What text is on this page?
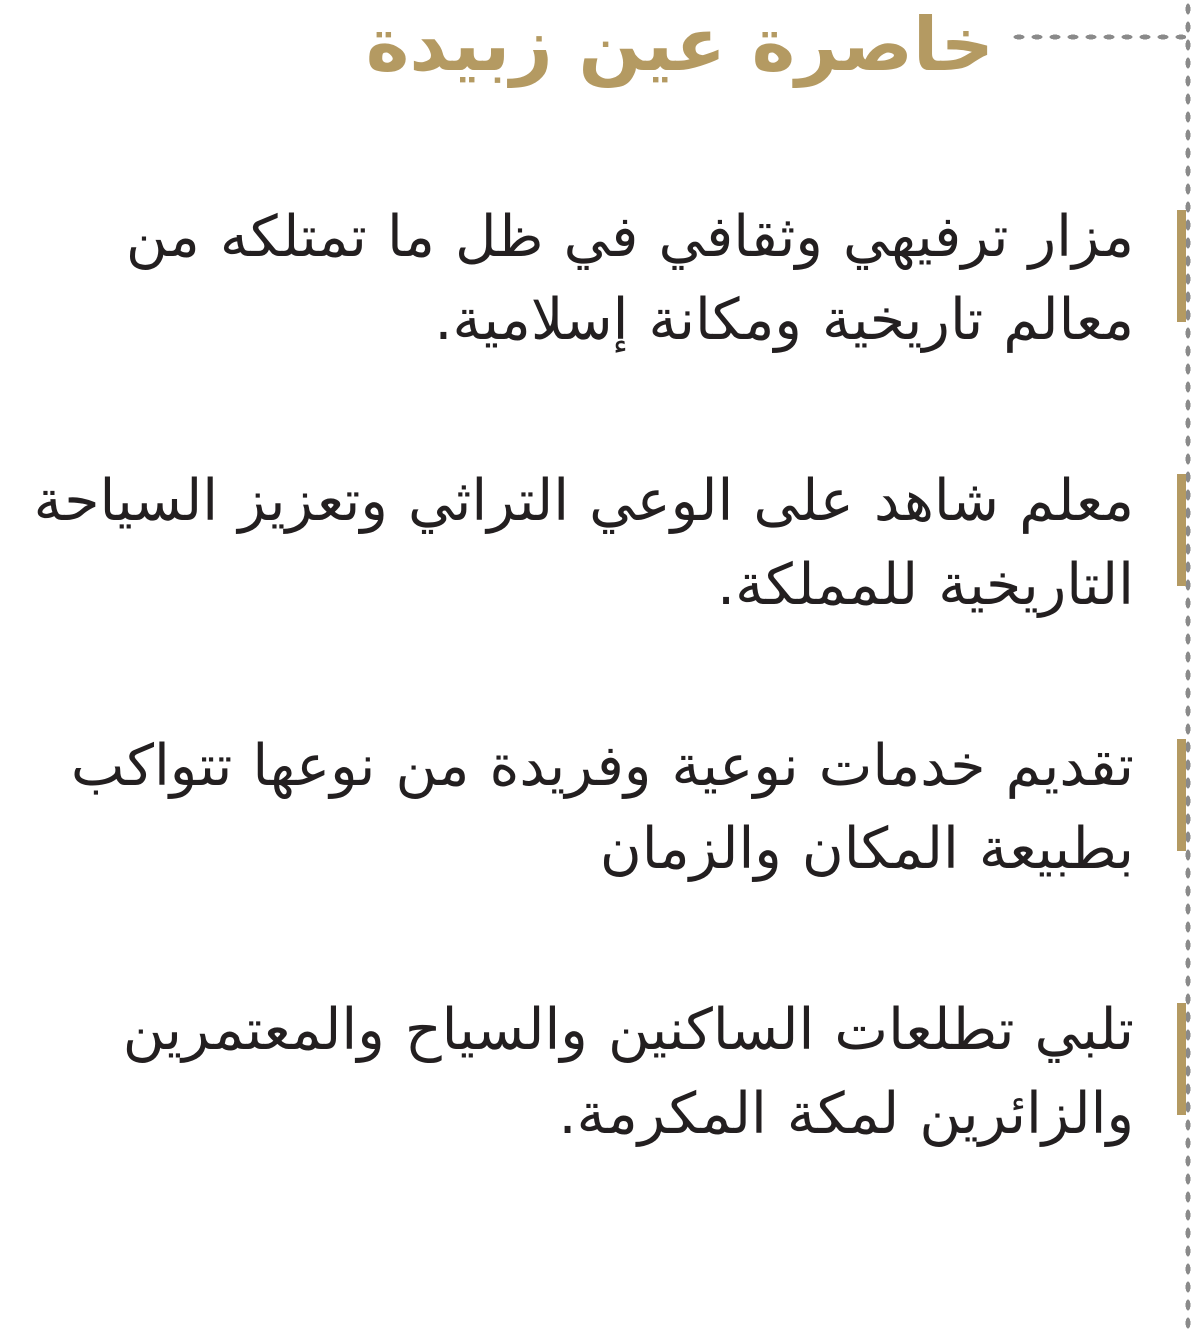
خاصرة عين زبيدة
مزار ترفيهي وثقافي في ظل ما تمتلكه من معالم تاريخية ومكانة إسلامية.
معلم شاهد على الوعي التراثي وتعزيز السياحة التاريخية للمملكة.
تقديم خدمات نوعية وفريدة من نوعها تتواكب بطبيعة المكان والزمان
تلبي تطلعات الساكنين والسياح والمعتمرين والزائرين لمكة المكرمة.
